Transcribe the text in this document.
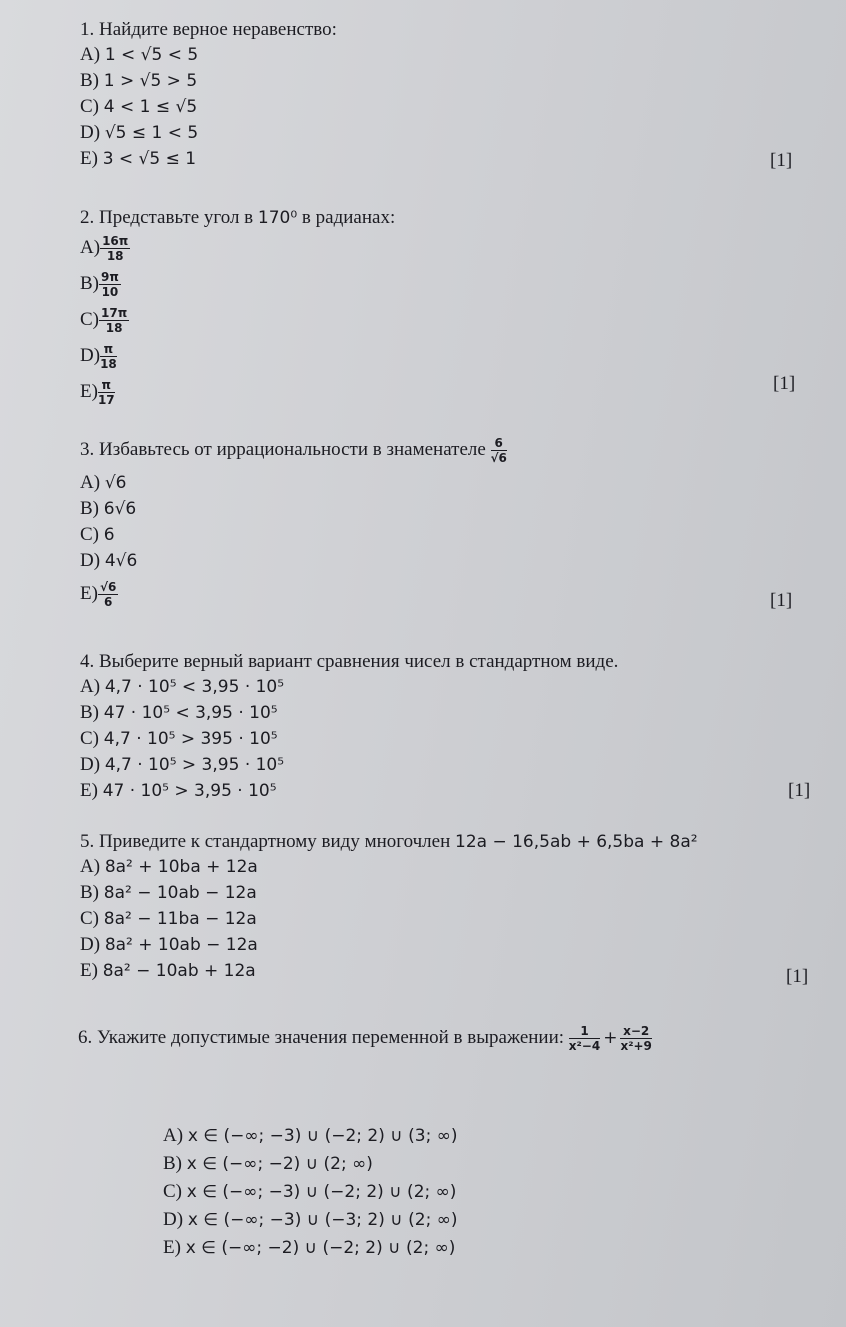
1. Найдите верное неравенство:
A) 1 < √5 < 5
B) 1 > √5 > 5
C) 4 < 1 ≤ √5
D) √5 ≤ 1 < 5
E) 3 < √5 ≤ 1	[1]
2. Представьте угол в 170⁰ в радианах:
$A) \frac{16\pi}{18}$
$B) \frac{9\pi}{10}$
$C) \frac{17\pi}{18}$
$D) \frac{\pi}{18}$
$E) \frac{\pi}{17}$	[1]
3. Избавьтесь от иррациональности в знаменателе $\frac{6}{√6}$
A) √6
B) 6√6
C) 6
D) 4√6
$E) \frac{√6}{6}$	[1]
4. Выберите верный вариант сравнения чисел в стандартном виде.
A) 4,7 · 10⁵ < 3,95 · 10⁵
B) 47 · 10⁵ < 3,95 · 10⁵
C) 4,7 · 10⁵ > 395 · 10⁵
D) 4,7 · 10⁵ > 3,95 · 10⁵
E) 47 · 10⁵ > 3,95 · 10⁵	[1]
5. Приведите к стандартному виду многочлен 12a − 16,5ab + 6,5ba + 8a²
A) 8a² + 10ba + 12a
B) 8a² − 10ab − 12a
C) 8a² − 11ba − 12a
D) 8a² + 10ab − 12a
E) 8a² − 10ab + 12a	[1]
6. Укажите допустимые значения переменной в выражении: $\frac{1}{\text{x²−4}} + \frac{x-2}{\text{x²+9}}$
A) x ∈ (−∞; −3) ∪ (−2; 2) ∪ (3; ∞)
B) x ∈ (−∞; −2) ∪ (2; ∞)
C) x ∈ (−∞; −3) ∪ (−2; 2) ∪ (2; ∞)
D) x ∈ (−∞; −3) ∪ (−3; 2) ∪ (2; ∞)
E) x ∈ (−∞; −2) ∪ (−2; 2) ∪ (2; ∞)
